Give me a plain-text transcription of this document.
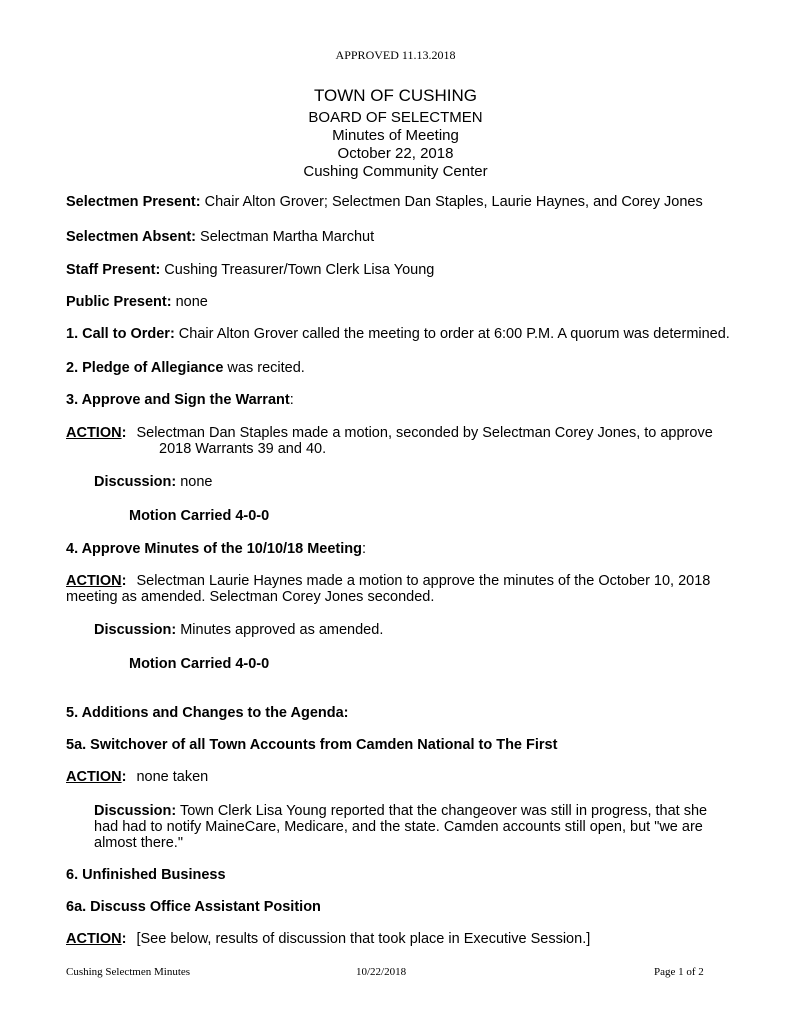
APPROVED 11.13.2018
TOWN OF CUSHING
BOARD OF SELECTMEN
Minutes of Meeting
October 22, 2018
Cushing Community Center
Selectmen Present: Chair Alton Grover; Selectmen Dan Staples, Laurie Haynes, and Corey Jones
Selectmen Absent: Selectman Martha Marchut
Staff Present: Cushing Treasurer/Town Clerk Lisa Young
Public Present: none
1. Call to Order: Chair Alton Grover called the meeting to order at 6:00 P.M. A quorum was determined.
2. Pledge of Allegiance was recited.
3. Approve and Sign the Warrant:
ACTION: Selectman Dan Staples made a motion, seconded by Selectman Corey Jones, to approve
2018 Warrants 39 and 40.
Discussion: none
Motion Carried 4-0-0
4. Approve Minutes of the 10/10/18 Meeting:
ACTION: Selectman Laurie Haynes made a motion to approve the minutes of the October 10, 2018
meeting as amended. Selectman Corey Jones seconded.
Discussion: Minutes approved as amended.
Motion Carried 4-0-0
5. Additions and Changes to the Agenda:
5a. Switchover of all Town Accounts from Camden National to The First
ACTION: none taken
Discussion: Town Clerk Lisa Young reported that the changeover was still in progress, that she
had had to notify MaineCare, Medicare, and the state. Camden accounts still open, but "we are
almost there."
6. Unfinished Business
6a. Discuss Office Assistant Position
ACTION: [See below, results of discussion that took place in Executive Session.]
Cushing Selectmen Minutes	10/22/2018	Page 1 of 2
